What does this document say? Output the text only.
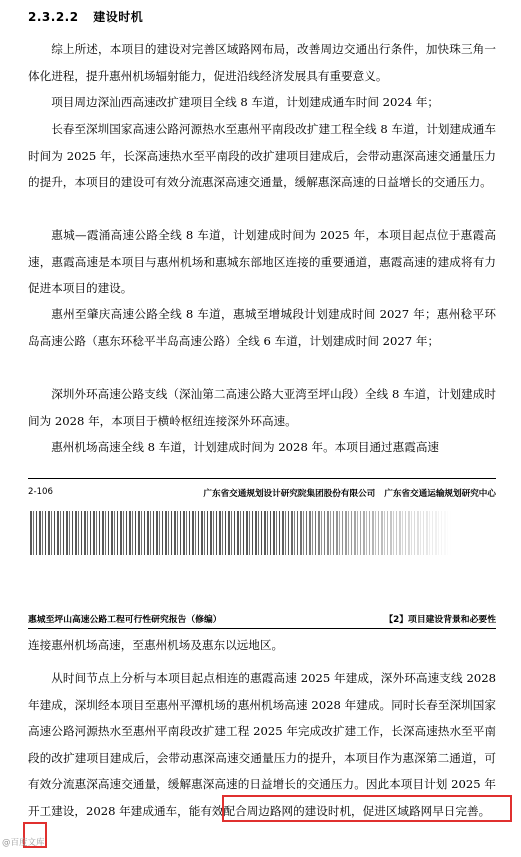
2.3.2.2 建设时机

综上所述，本项目的建设对完善区域路网布局，改善周边交通出行条件，加快珠三角一体化进程，提升惠州机场辐射能力，促进沿线经济发展具有重要意义。

项目周边深汕西高速改扩建项目全线 8 车道，计划建成通车时间 2024 年；

长春至深圳国家高速公路河源热水至惠州平南段改扩建工程全线 8 车道，计划建成通车时间为 2025 年，长深高速热水至平南段的改扩建项目建成后，会带动惠深高速交通量压力的提升，本项目的建设可有效分流惠深高速交通量，缓解惠深高速的日益增长的交通压力。

惠城—霞涌高速公路全线 8 车道，计划建成时间为 2025 年，本项目起点位于惠霞高速，惠霞高速是本项目与惠州机场和惠城东部地区连接的重要通道，惠霞高速的建成将有力促进本项目的建设。

惠州至肇庆高速公路全线 8 车道，惠城至增城段计划建成时间 2027 年；惠州稔平环岛高速公路（惠东环稔平半岛高速公路）全线 6 车道，计划建成时间 2027 年；

深圳外环高速公路支线（深汕第二高速公路大亚湾至坪山段）全线 8 车道，计划建成时间为 2028 年，本项目于横岭枢纽连接深外环高速。

惠州机场高速全线 8 车道，计划建成时间为 2028 年。本项目通过惠霞高速

2-106	广东省交通规划设计研究院集团股份有限公司 广东省交通运输规划研究中心
惠城至坪山高速公路工程可行性研究报告（修编）	【2】项目建设背景和必要性

连接惠州机场高速，至惠州机场及惠东以远地区。

从时间节点上分析与本项目起点相连的惠霞高速 2025 年建成，深外环高速支线 2028 年建成，深圳经本项目至惠州平潭机场的惠州机场高速 2028 年建成。同时长春至深圳国家高速公路河源热水至惠州平南段改扩建工程 2025 年完成改扩建工作，长深高速热水至平南段的改扩建项目建成后，会带动惠深高速交通量压力的提升，本项目作为惠深第二通道，可有效分流惠深高速交通量，缓解惠深高速的日益增长的交通压力。因此本项目计划 2025 年开工建设，2028 年建成通车，能有效配合周边路网的建设时机，促进区域路网早日完善。

@百度文库
